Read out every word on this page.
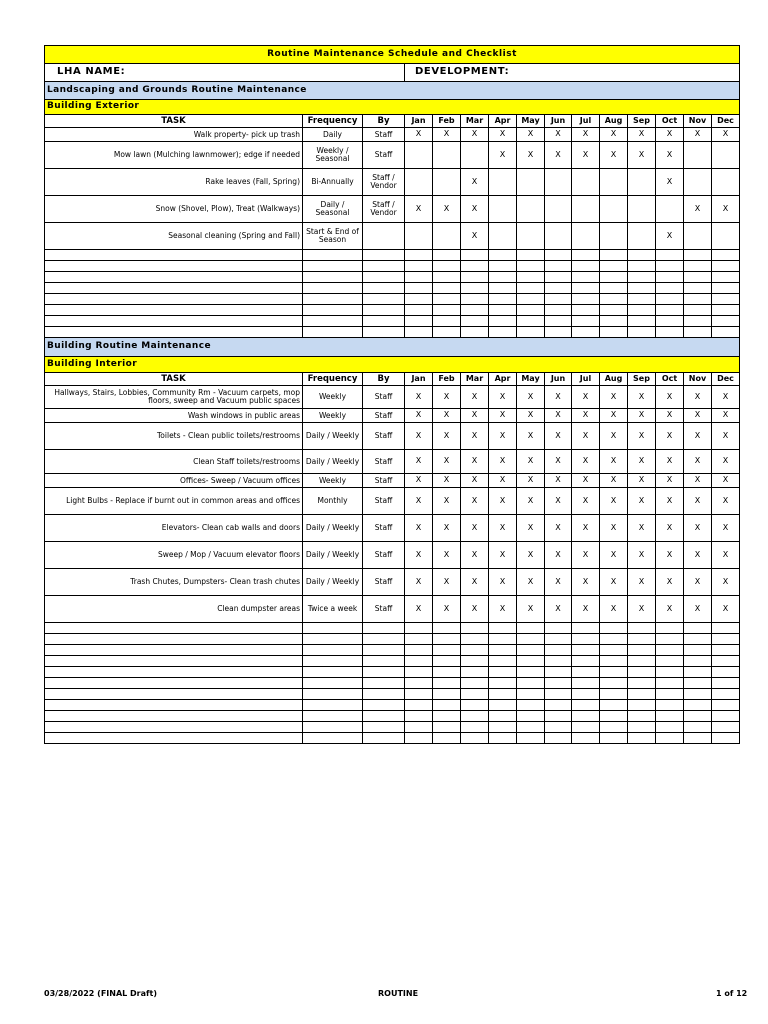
Routine Maintenance Schedule and Checklist														
LHA NAME:			DEVELOPMENT:											
Landscaping and Grounds Routine Maintenance														
Building Exterior														
TASK	Frequency	By	Jan	Feb	Mar	Apr	May	Jun	Jul	Aug	Sep	Oct	Nov	Dec
Walk property- pick up trash	Daily	Staff	X	X	X	X	X	X	X	X	X	X	X	X
Mow lawn (Mulching lawnmower); edge if needed	Weekly / Seasonal	Staff				X	X	X	X	X	X	X		
Rake leaves (Fall, Spring)	Bi-Annually	Staff / Vendor			X							X		
Snow (Shovel, Plow), Treat (Walkways)	Daily / Seasonal	Staff / Vendor	X	X	X								X	X
Seasonal cleaning (Spring and Fall)	Start & End of Season				X							X		

Building Routine Maintenance														
Building Interior														
TASK	Frequency	By	Jan	Feb	Mar	Apr	May	Jun	Jul	Aug	Sep	Oct	Nov	Dec
Hallways, Stairs, Lobbies, Community Rm - Vacuum carpets, mop floors, sweep and Vacuum public spaces	Weekly	Staff	X	X	X	X	X	X	X	X	X	X	X	X
Wash windows in public areas	Weekly	Staff	X	X	X	X	X	X	X	X	X	X	X	X
Toilets - Clean public toilets/restrooms	Daily / Weekly	Staff	X	X	X	X	X	X	X	X	X	X	X	X
Clean Staff toilets/restrooms	Daily / Weekly	Staff	X	X	X	X	X	X	X	X	X	X	X	X
Offices- Sweep / Vacuum offices	Weekly	Staff	X	X	X	X	X	X	X	X	X	X	X	X
Light Bulbs - Replace if burnt out in common areas and offices	Monthly	Staff	X	X	X	X	X	X	X	X	X	X	X	X
Elevators- Clean cab walls and doors	Daily / Weekly	Staff	X	X	X	X	X	X	X	X	X	X	X	X
Sweep / Mop / Vacuum elevator floors	Daily / Weekly	Staff	X	X	X	X	X	X	X	X	X	X	X	X
Trash Chutes, Dumpsters- Clean trash chutes	Daily / Weekly	Staff	X	X	X	X	X	X	X	X	X	X	X	X
Clean dumpster areas	Twice a week	Staff	X	X	X	X	X	X	X	X	X	X	X	X

03/28/2022 (FINAL Draft)	ROUTINE	1 of 12
